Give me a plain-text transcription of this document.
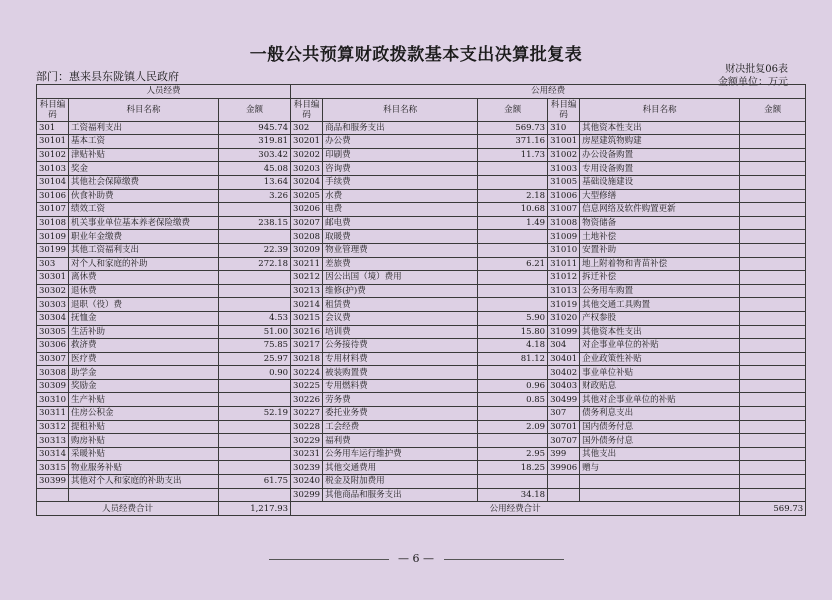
一般公共预算财政拨款基本支出决算批复表
部门：惠来县东陇镇人民政府
财决批复06表
金额单位：万元
人员经费			公用经费					
科目编码	科目名称	金额	科目编码	科目名称	金额	科目编码	科目名称	金额
301	工资福利支出	945.74	302	商品和服务支出	569.73	310	其他资本性支出	
30101	基本工资	319.81	30201	办公费	371.16	31001	房屋建筑物购建	
30102	津贴补贴	303.42	30202	印刷费	11.73	31002	办公设备购置	
30103	奖金	45.08	30203	咨询费		31003	专用设备购置	
30104	其他社会保障缴费	13.64	30204	手续费		31005	基础设施建设	
30106	伙食补助费	3.26	30205	水费	2.18	31006	大型修缮	
30107	绩效工资		30206	电费	10.68	31007	信息网络及软件购置更新	
30108	机关事业单位基本养老保险缴费	238.15	30207	邮电费	1.49	31008	物资储备	
30109	职业年金缴费		30208	取暖费		31009	土地补偿	
30199	其他工资福利支出	22.39	30209	物业管理费		31010	安置补助	
303	对个人和家庭的补助	272.18	30211	差旅费	6.21	31011	地上附着物和青苗补偿	
30301	离休费		30212	因公出国（境）费用		31012	拆迁补偿	
30302	退休费		30213	维修(护)费		31013	公务用车购置	
30303	退职（役）费		30214	租赁费		31019	其他交通工具购置	
30304	抚恤金	4.53	30215	会议费	5.90	31020	产权参股	
30305	生活补助	51.00	30216	培训费	15.80	31099	其他资本性支出	
30306	救济费	75.85	30217	公务接待费	4.18	304	对企事业单位的补贴	
30307	医疗费	25.97	30218	专用材料费	81.12	30401	企业政策性补贴	
30308	助学金	0.90	30224	被装购置费		30402	事业单位补贴	
30309	奖励金		30225	专用燃料费	0.96	30403	财政贴息	
30310	生产补贴		30226	劳务费	0.85	30499	其他对企事业单位的补贴	
30311	住房公积金	52.19	30227	委托业务费		307	债务利息支出	
30312	提租补贴		30228	工会经费	2.09	30701	国内债务付息	
30313	购房补贴		30229	福利费		30707	国外债务付息	
30314	采暖补贴		30231	公务用车运行维护费	2.95	399	其他支出	
30315	物业服务补贴		30239	其他交通费用	18.25	39906	赠与	
30399	其他对个人和家庭的补助支出	61.75	30240	税金及附加费用				
			30299	其他商品和服务支出	34.18			
人员经费合计		1,217.93	公用经费合计					569.73
— 6 —
